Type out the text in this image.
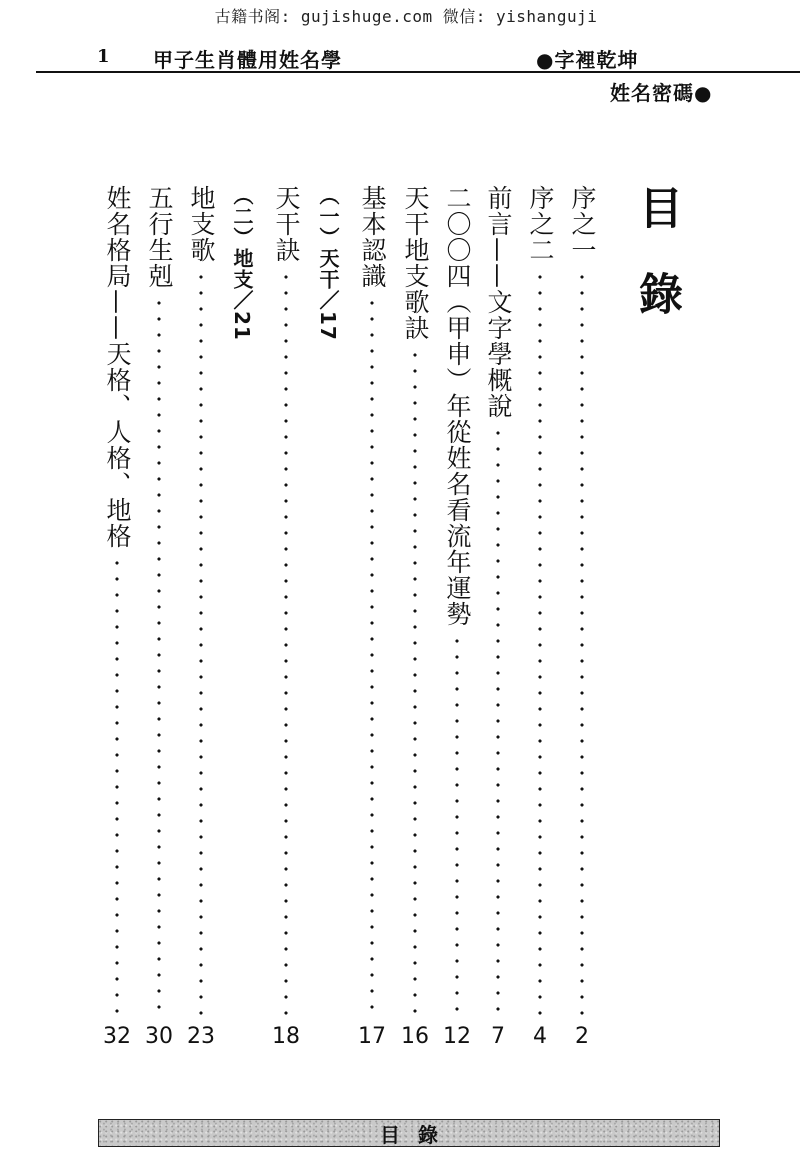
古籍书阁: gujishuge.com 微信: yishanguji
1 甲子生肖體用姓名學	●字裡乾坤
姓名密碼●
目錄
序之一
2
序之二
4
前言——文字學概說
7
二〇〇四（甲申）年從姓名看流年運勢
12
天干地支歌訣
16
基本認識
17
（一）天干／17
天干訣
18
（二）地支／21
地支歌
23
五行生剋
30
姓名格局——天格、人格、地格
32
目錄
